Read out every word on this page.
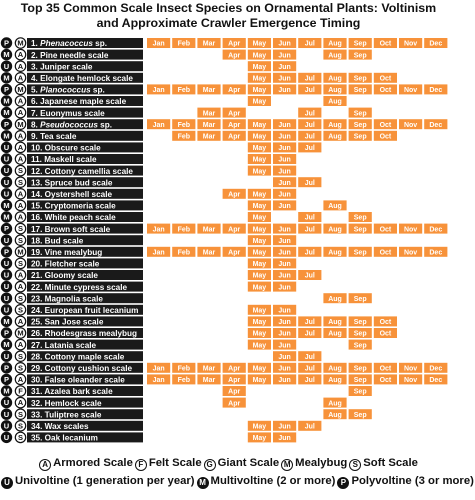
Top 35 Common Scale Insect Species on Ornamental Plants: Voltinism
and Approximate Crawler Emergence Timing
P M 1. Phenacoccus sp.	Jan Feb Mar Apr May Jun Jul Aug Sep Oct Nov Dec
M A 2. Pine needle scale	Apr May Jun	Aug Sep
U A 3. Juniper scale	May Jun
M A 4. Elongate hemlock scale	May Jun Jul Aug Sep Oct
P M 5. Planococcus sp.	Jan Feb Mar Apr May Jun Jul Aug Sep Oct Nov Dec
M A 6. Japanese maple scale	May	Aug
M A 7. Euonymus scale	Mar Apr	Jul	Sep
P M 8. Pseudococcus sp.	Jan Feb Mar Apr May Jun Jul Aug Sep Oct Nov Dec
M A 9. Tea scale	Feb Mar Apr May Jun Jul Aug Sep Oct
U A 10. Obscure scale	May Jun Jul
U A 11. Maskell scale	May Jun
U S 12. Cottony camellia scale	May Jun
U S 13. Spruce bud scale	Jun Jul
U A 14. Oystershell scale	Apr May Jun
M A 15. Cryptomeria scale	May Jun	Aug
M A 16. White peach scale	May	Jul	Sep
P S 17. Brown soft scale	Jan Feb Mar Apr May Jun Jul Aug Sep Oct Nov Dec
U S 18. Bud scale	May Jun
P M 19. Vine mealybug	Jan Feb Mar Apr May Jun Jul Aug Sep Oct Nov Dec
U S 20. Fletcher scale	May Jun
U A 21. Gloomy scale	May Jun Jul
U A 22. Minute cypress scale	May Jun
U S 23. Magnolia scale	Aug Sep
U S 24. European fruit lecanium	May Jun
M A 25. San Jose scale	May Jun Jul Aug Sep Oct
P M 26. Rhodesgrass mealybug	May Jun Jul Aug Sep Oct
M A 27. Latania scale	May Jun	Sep
U S 28. Cottony maple scale	Jun Jul
P S 29. Cottony cushion scale	Jan Feb Mar Apr May Jun Jul Aug Sep Oct Nov Dec
P A 30. False oleander scale	Jan Feb Mar Apr May Jun Jul Aug Sep Oct Nov Dec
M F 31. Azalea bark scale	Apr	Sep
U A 32. Hemlock scale	Apr	Aug
U S 33. Tuliptree scale	Aug Sep
U S 34. Wax scales	May Jun Jul
U S 35. Oak lecanium	May Jun
A Armored Scale F Felt Scale G Giant Scale M Mealybug S Soft Scale
U Univoltine (1 generation per year) M Multivoltine (2 or more) P Polyvoltine (3 or more)
